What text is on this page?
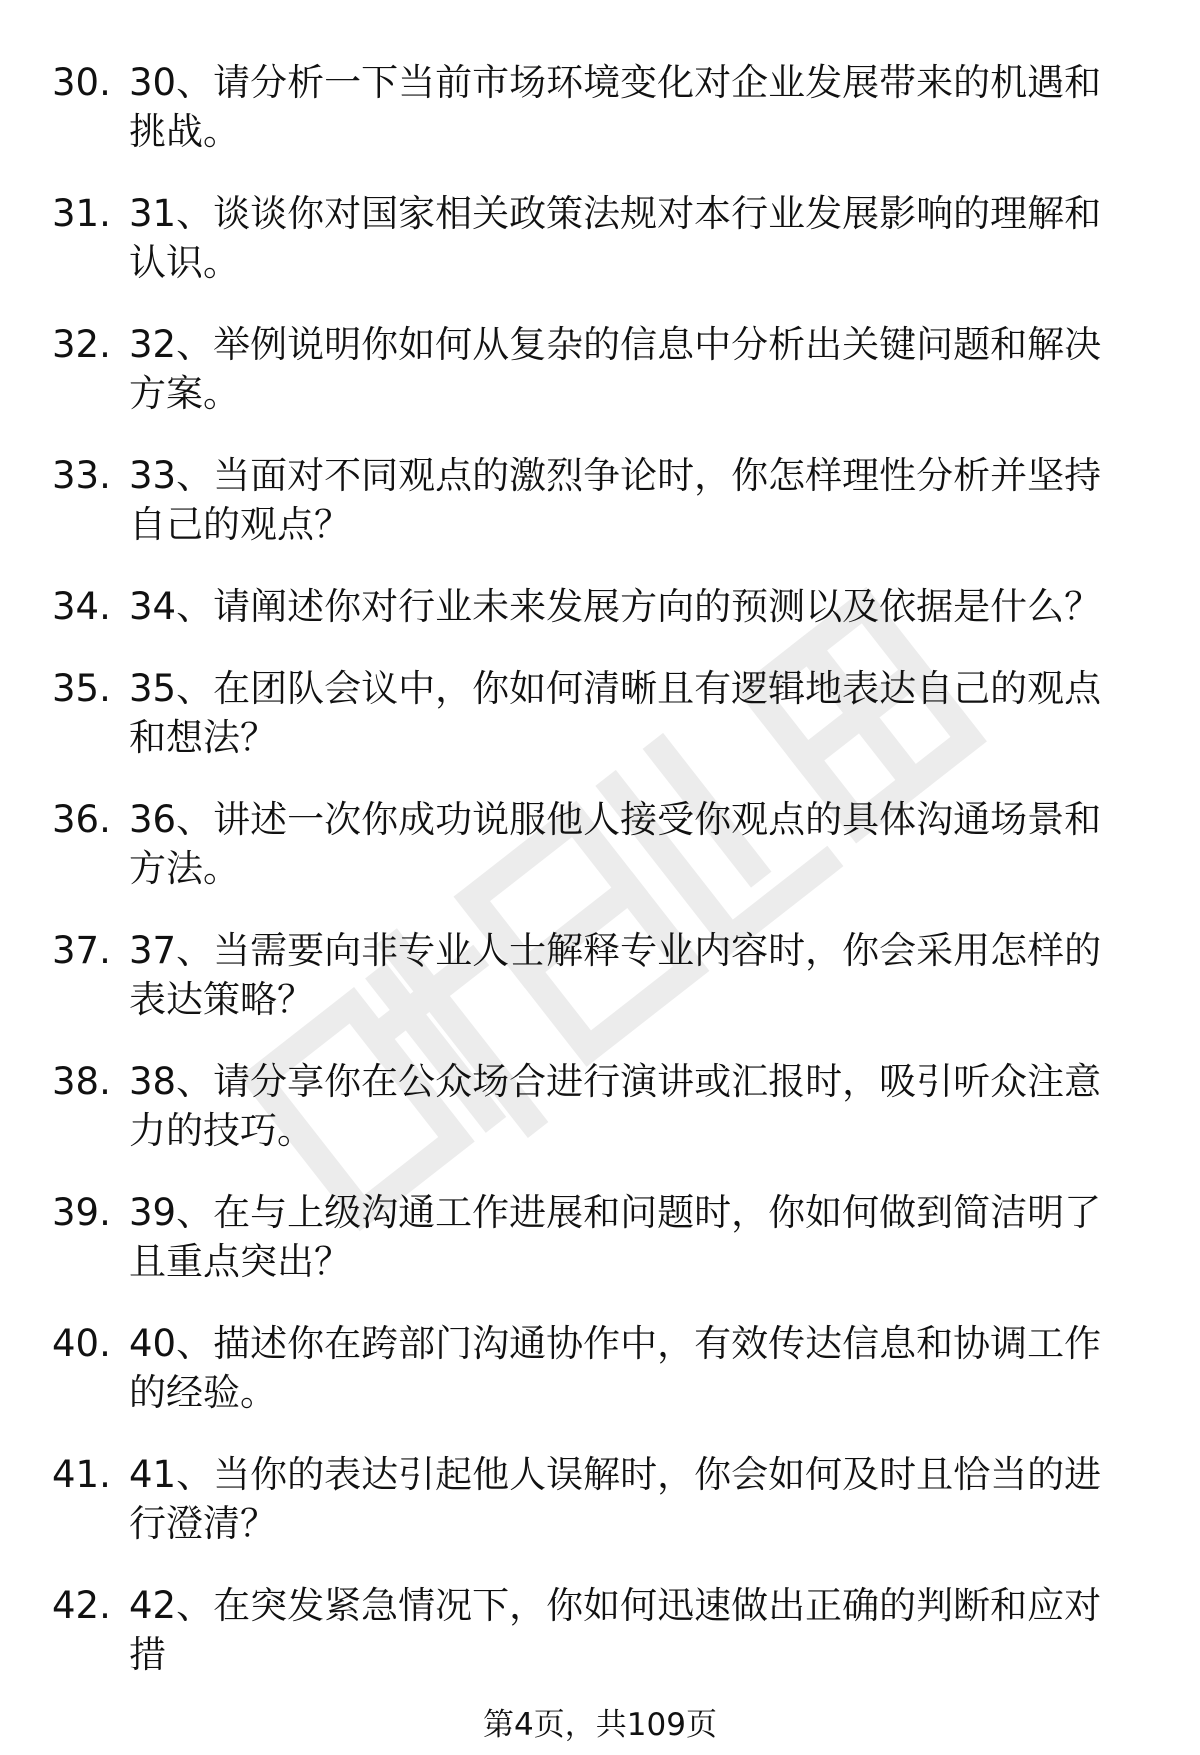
30. 30、请分析一下当前市场环境变化对企业发展带来的机遇和挑战。
31. 31、谈谈你对国家相关政策法规对本行业发展影响的理解和认识。
32. 32、举例说明你如何从复杂的信息中分析出关键问题和解决方案。
33. 33、当面对不同观点的激烈争论时，你怎样理性分析并坚持自己的观点？
34. 34、请阐述你对行业未来发展方向的预测以及依据是什么？
35. 35、在团队会议中，你如何清晰且有逻辑地表达自己的观点和想法？
36. 36、讲述一次你成功说服他人接受你观点的具体沟通场景和方法。
37. 37、当需要向非专业人士解释专业内容时，你会采用怎样的表达策略？
38. 38、请分享你在公众场合进行演讲或汇报时，吸引听众注意力的技巧。
39. 39、在与上级沟通工作进展和问题时，你如何做到简洁明了且重点突出？
40. 40、描述你在跨部门沟通协作中，有效传达信息和协调工作的经验。
41. 41、当你的表达引起他人误解时，你会如何及时且恰当的进行澄清？
42. 42、在突发紧急情况下，你如何迅速做出正确的判断和应对措
第4页，共109页
